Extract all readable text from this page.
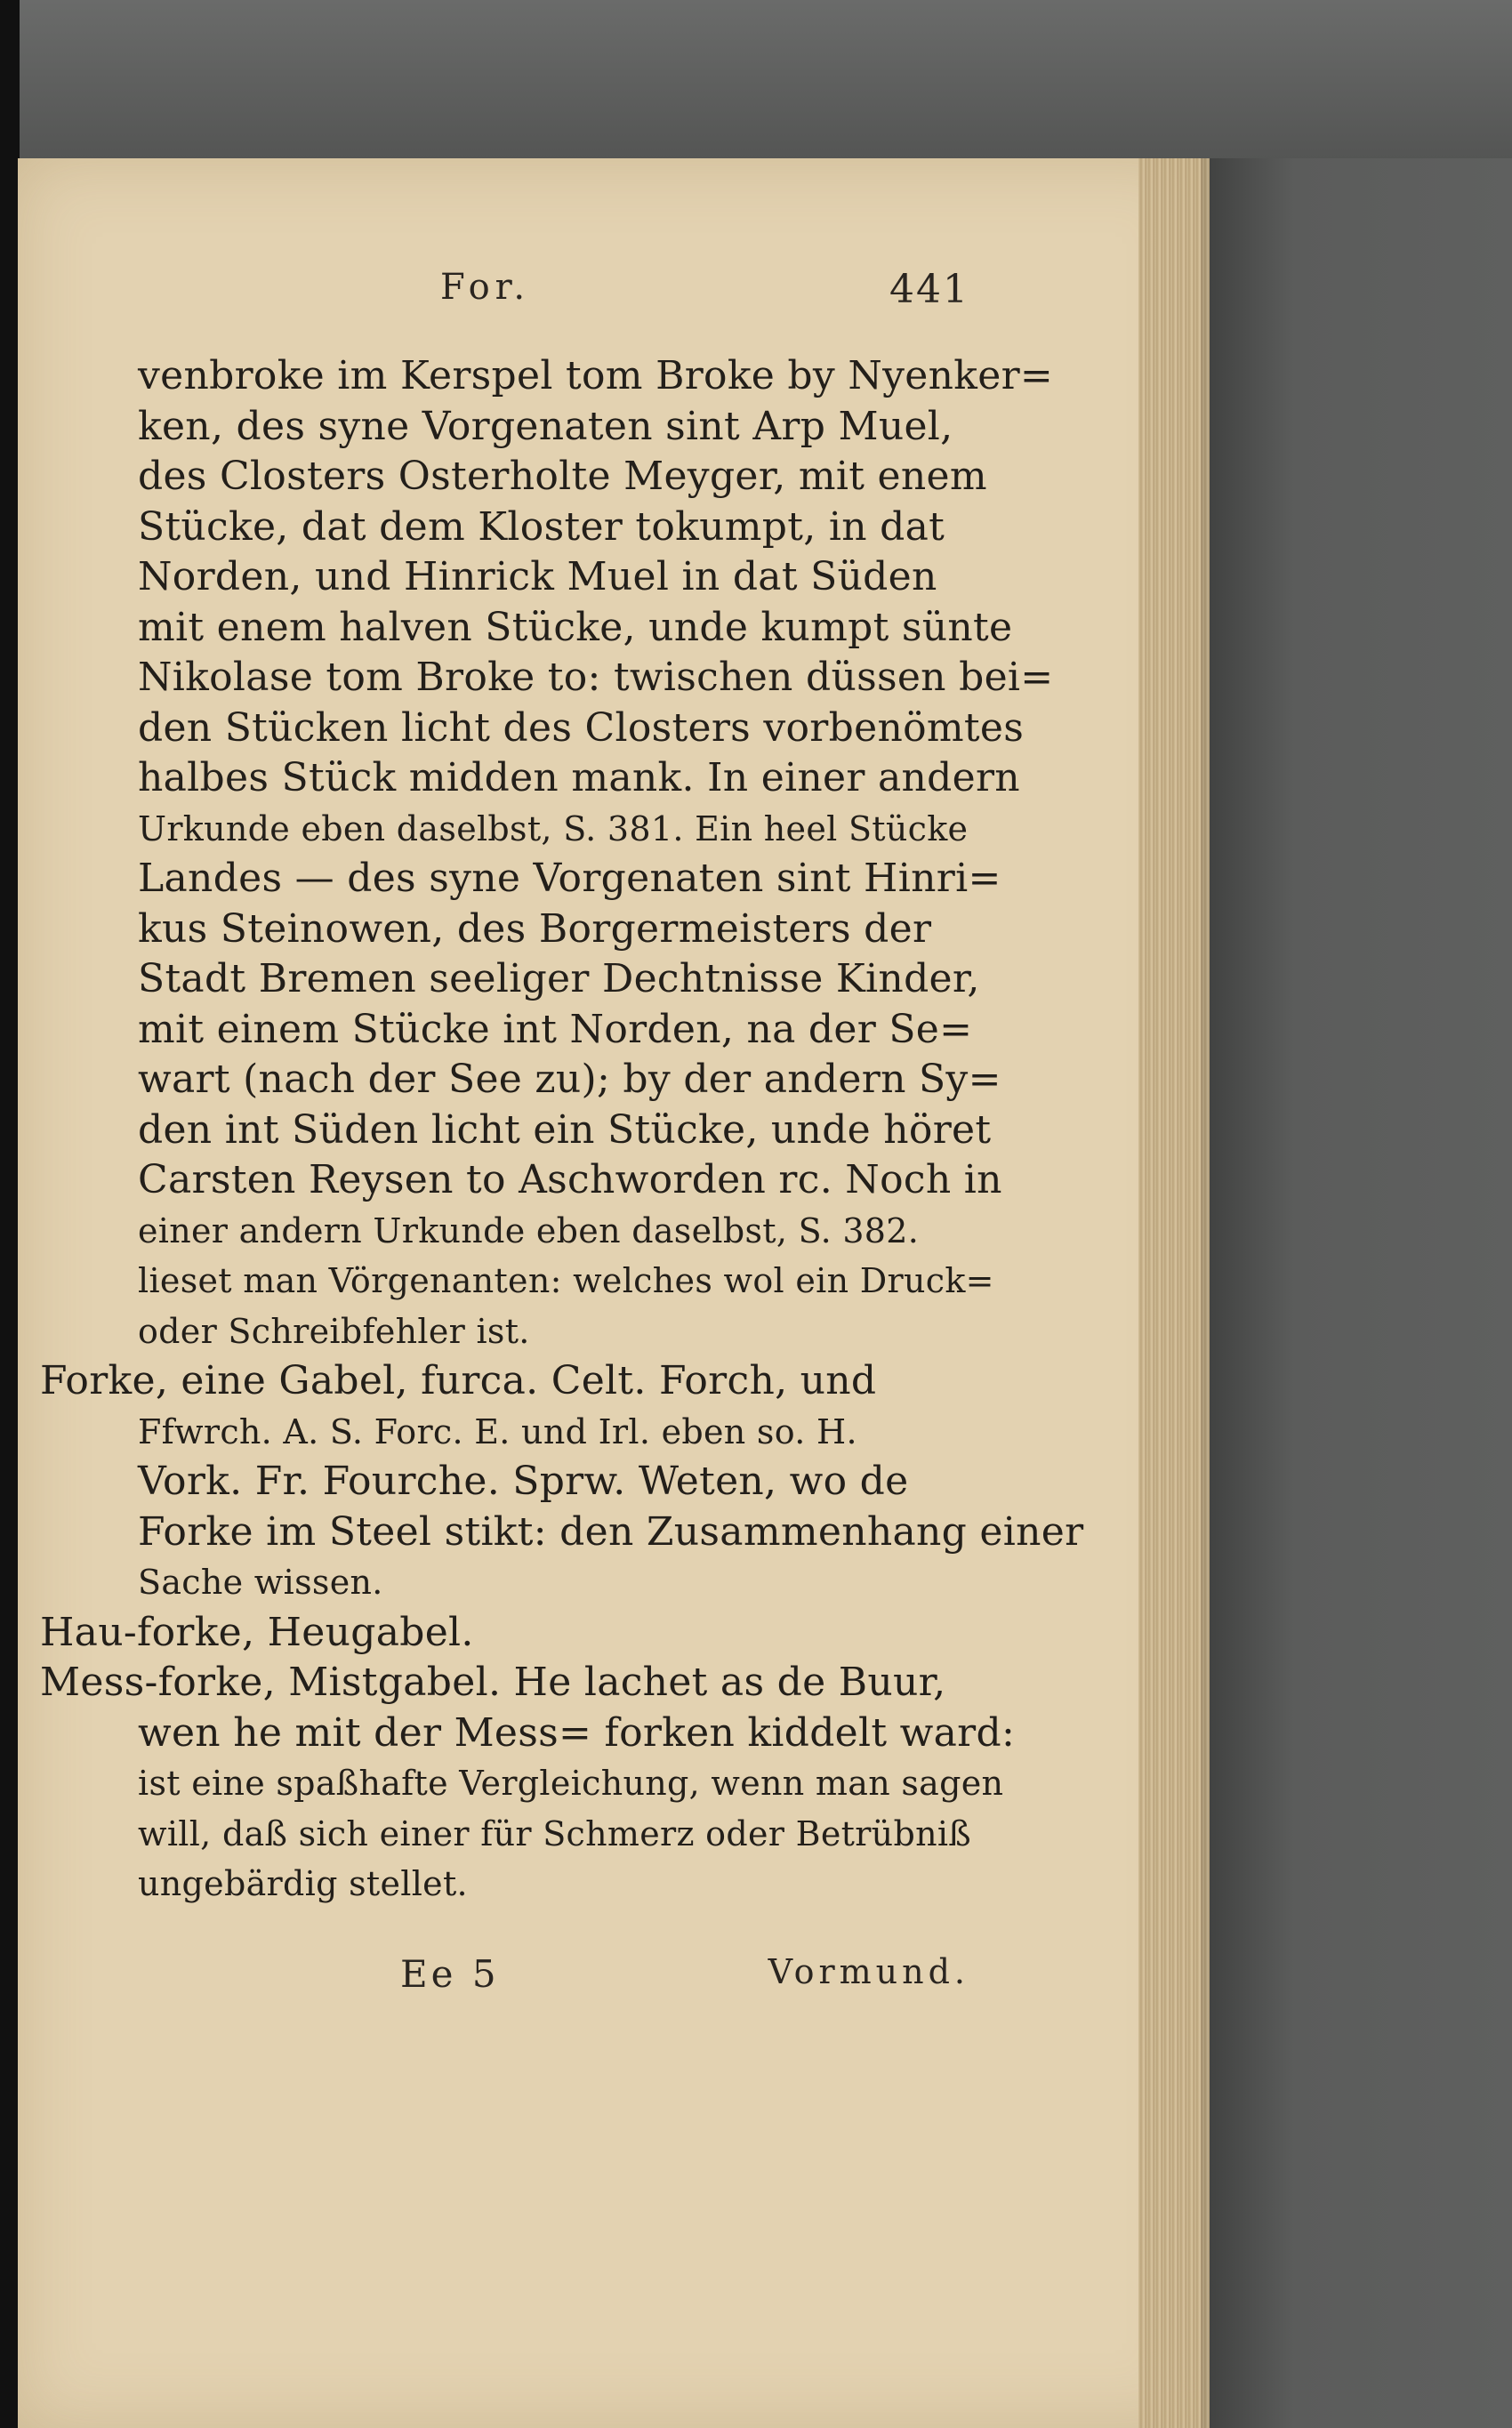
For.	441
venbroke im Kerspel tom Broke by Nyenker=
ken, des syne Vorgenaten sint Arp Muel,
des Closters Osterholte Meyger, mit enem
Stücke, dat dem Kloster tokumpt, in dat
Norden, und Hinrick Muel in dat Süden
mit enem halven Stücke, unde kumpt sünte
Nikolase tom Broke to: twischen düssen bei=
den Stücken licht des Closters vorbenömtes
halbes Stück midden mank. In einer andern
Urkunde eben daselbst, S. 381. Ein heel Stücke
Landes — des syne Vorgenaten sint Hinri=
kus Steinowen, des Borgermeisters der
Stadt Bremen seeliger Dechtnisse Kinder,
mit einem Stücke int Norden, na der Se=
wart (nach der See zu); by der andern Sy=
den int Süden licht ein Stücke, unde höret
Carsten Reysen to Aschworden rc. Noch in
einer andern Urkunde eben daselbst, S. 382.
lieset man Vörgenanten: welches wol ein Druck=
oder Schreibfehler ist.
Forke, eine Gabel, furca. Celt. Forch, und
Ffwrch. A. S. Forc. E. und Irl. eben so. H.
Vork. Fr. Fourche. Sprw. Weten, wo de
Forke im Steel stikt: den Zusammenhang einer
Sache wissen.
Hau-forke, Heugabel.
Mess-forke, Mistgabel. He lachet as de Buur,
wen he mit der Mess= forken kiddelt ward:
ist eine spaßhafte Vergleichung, wenn man sagen
will, daß sich einer für Schmerz oder Betrübniß
ungebärdig stellet.
Ee 5	Vormund.
